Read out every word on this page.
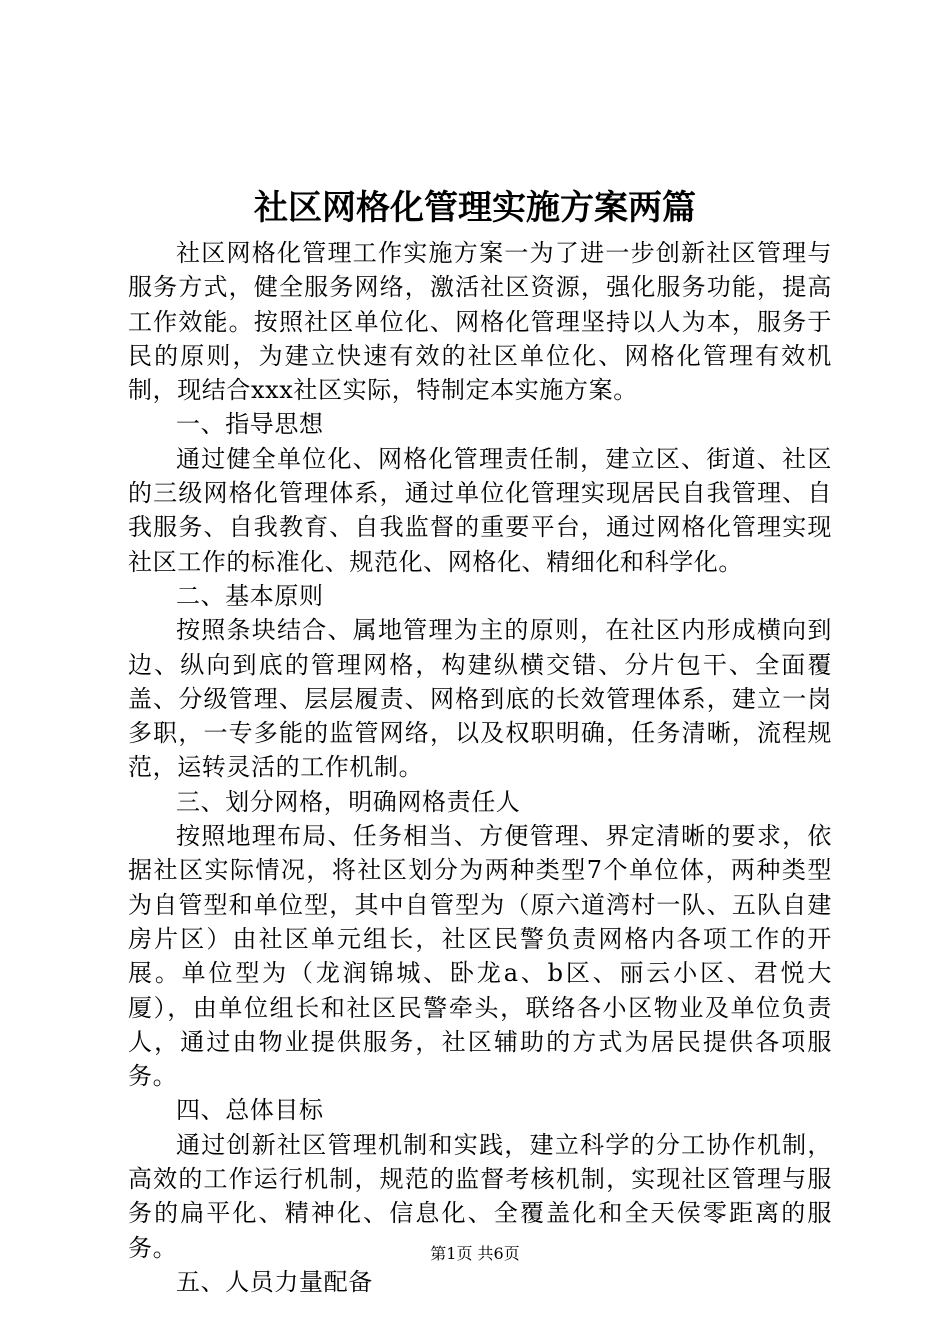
社区网格化管理实施方案两篇

社区网格化管理工作实施方案一为了进一步创新社区管理与服务方式，健全服务网络，激活社区资源，强化服务功能，提高工作效能。按照社区单位化、网格化管理坚持以人为本，服务于民的原则，为建立快速有效的社区单位化、网格化管理有效机制，现结合xxx社区实际，特制定本实施方案。

一、指导思想

通过健全单位化、网格化管理责任制，建立区、街道、社区的三级网格化管理体系，通过单位化管理实现居民自我管理、自我服务、自我教育、自我监督的重要平台，通过网格化管理实现社区工作的标准化、规范化、网格化、精细化和科学化。

二、基本原则

按照条块结合、属地管理为主的原则，在社区内形成横向到边、纵向到底的管理网格，构建纵横交错、分片包干、全面覆盖、分级管理、层层履责、网格到底的长效管理体系，建立一岗多职，一专多能的监管网络，以及权职明确，任务清晰，流程规范，运转灵活的工作机制。

三、划分网格，明确网格责任人

按照地理布局、任务相当、方便管理、界定清晰的要求，依据社区实际情况，将社区划分为两种类型7个单位体，两种类型为自管型和单位型，其中自管型为（原六道湾村一队、五队自建房片区）由社区单元组长，社区民警负责网格内各项工作的开展。单位型为（龙润锦城、卧龙a、b区、丽云小区、君悦大厦），由单位组长和社区民警牵头，联络各小区物业及单位负责人，通过由物业提供服务，社区辅助的方式为居民提供各项服务。

四、总体目标

通过创新社区管理机制和实践，建立科学的分工协作机制，高效的工作运行机制，规范的监督考核机制，实现社区管理与服务的扁平化、精神化、信息化、全覆盖化和全天侯零距离的服务。

五、人员力量配备

第1页 共6页
